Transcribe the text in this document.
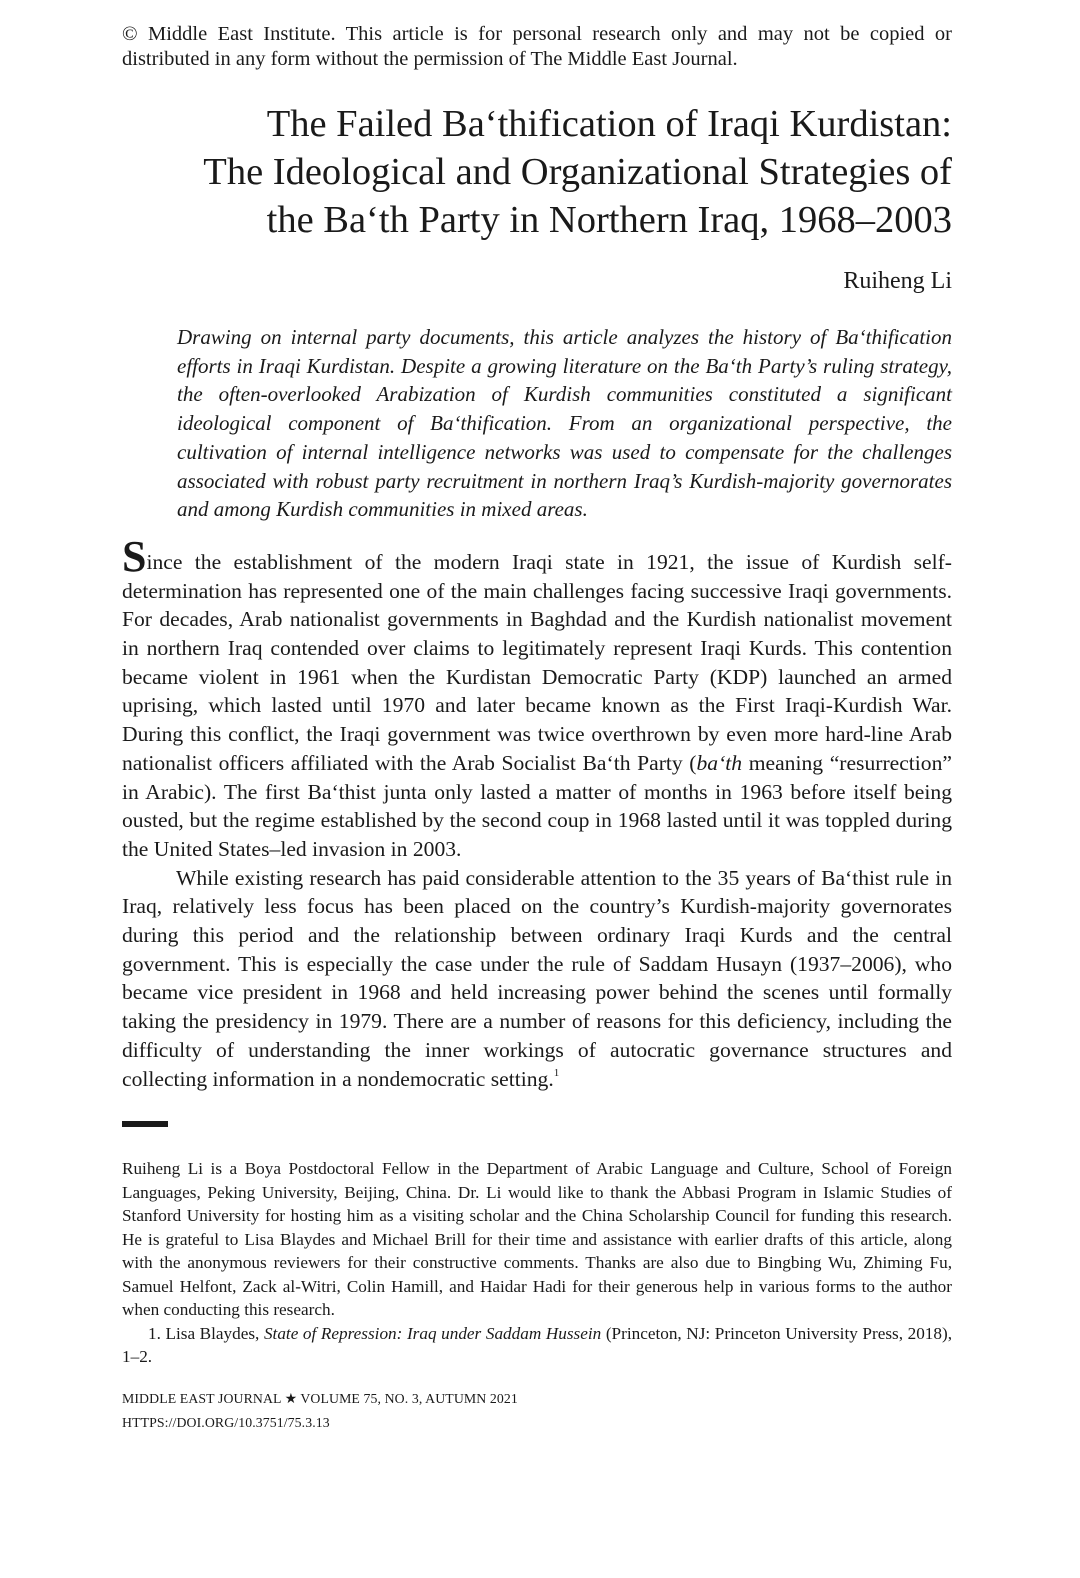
© Middle East Institute. This article is for personal research only and may not be copied or distributed in any form without the permission of The Middle East Journal.

The Failed Ba‘thification of Iraqi Kurdistan:
The Ideological and Organizational Strategies of
the Ba‘th Party in Northern Iraq, 1968–2003
Ruiheng Li

Drawing on internal party documents, this article analyzes the history of Ba‘thification efforts in Iraqi Kurdistan. Despite a growing literature on the Ba‘th Party’s ruling strategy, the often-overlooked Arabization of Kurdish communities constituted a significant ideological component of Ba‘thification. From an organizational perspective, the cultivation of internal intelligence networks was used to compensate for the challenges associated with robust party recruitment in northern Iraq’s Kurdish-majority governorates and among Kurdish communities in mixed areas.

Since the establishment of the modern Iraqi state in 1921, the issue of Kurdish self-determination has represented one of the main challenges facing successive Iraqi governments. For decades, Arab nationalist governments in Baghdad and the Kurdish nationalist movement in northern Iraq contended over claims to legitimately represent Iraqi Kurds. This contention became violent in 1961 when the Kurdistan Democratic Party (KDP) launched an armed uprising, which lasted until 1970 and later became known as the First Iraqi-Kurdish War. During this conflict, the Iraqi government was twice overthrown by even more hard-line Arab nationalist officers affiliated with the Arab Socialist Ba‘th Party (ba‘th meaning “resurrection” in Arabic). The first Ba‘thist junta only lasted a matter of months in 1963 before itself being ousted, but the regime established by the second coup in 1968 lasted until it was toppled during the United States–led invasion in 2003.

While existing research has paid considerable attention to the 35 years of Ba‘thist rule in Iraq, relatively less focus has been placed on the country’s Kurdish-majority governorates during this period and the relationship between ordinary Iraqi Kurds and the central government. This is especially the case under the rule of Saddam Husayn (1937–2006), who became vice president in 1968 and held increasing power behind the scenes until formally taking the presidency in 1979. There are a number of reasons for this deficiency, including the difficulty of understanding the inner workings of autocratic governance structures and collecting information in a nondemocratic setting.$^1$

Ruiheng Li is a Boya Postdoctoral Fellow in the Department of Arabic Language and Culture, School of Foreign Languages, Peking University, Beijing, China. Dr. Li would like to thank the Abbasi Program in Islamic Studies of Stanford University for hosting him as a visiting scholar and the China Scholarship Council for funding this research. He is grateful to Lisa Blaydes and Michael Brill for their time and assistance with earlier drafts of this article, along with the anonymous reviewers for their constructive comments. Thanks are also due to Bingbing Wu, Zhiming Fu, Samuel Helfont, Zack al-Witri, Colin Hamill, and Haidar Hadi for their generous help in various forms to the author when conducting this research.

1. Lisa Blaydes, State of Repression: Iraq under Saddam Hussein (Princeton, NJ: Princeton University Press, 2018), 1–2.

MIDDLE EAST JOURNAL ★ VOLUME 75, NO. 3, AUTUMN 2021
HTTPS://DOI.ORG/10.3751/75.3.13
